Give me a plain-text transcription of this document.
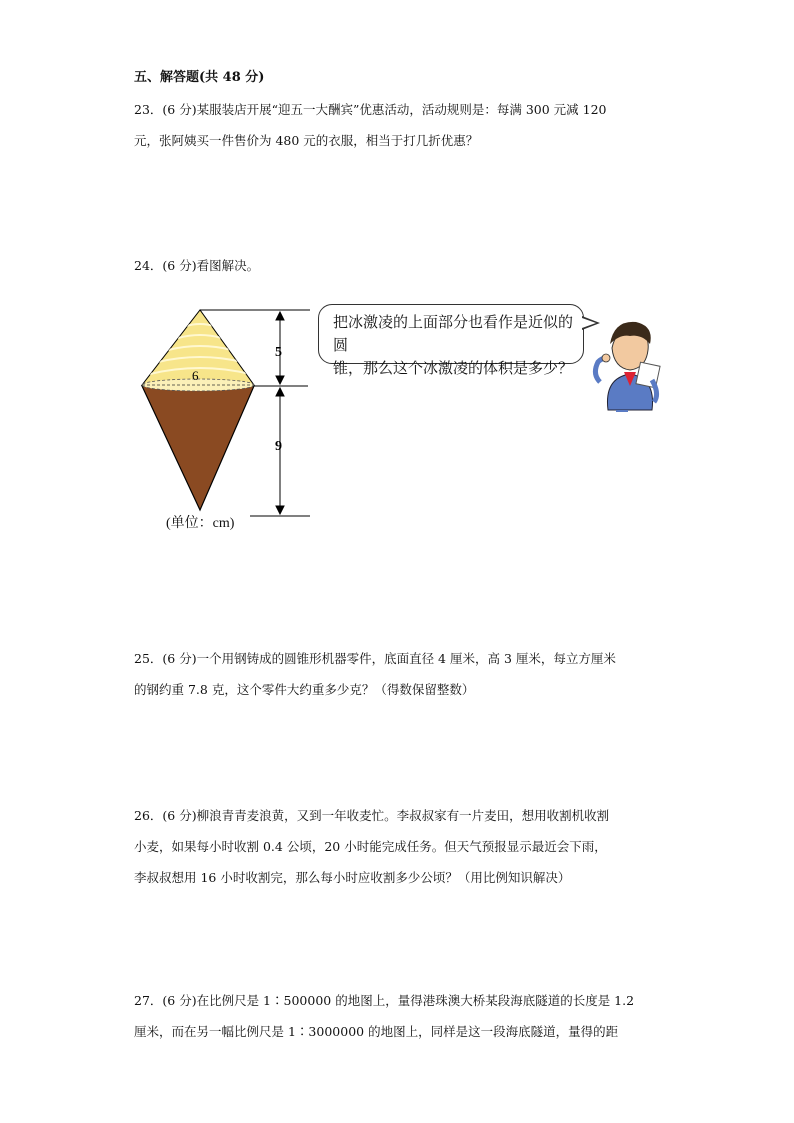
五、解答题(共 48 分)

23．(6 分)某服装店开展“迎五一大酬宾”优惠活动，活动规则是：每满 300 元减 120

元，张阿姨买一件售价为 480 元的衣服，相当于打几折优惠？

24．(6 分)看图解决。

6
5
9
把冰激凌的上面部分也看作是近似的圆
锥，那么这个冰激凌的体积是多少？
(单位：cm)

25．(6 分)一个用钢铸成的圆锥形机器零件，底面直径 4 厘米，高 3 厘米，每立方厘米

的钢约重 7.8 克，这个零件大约重多少克？（得数保留整数）

26．(6 分)柳浪青青麦浪黄，又到一年收麦忙。李叔叔家有一片麦田，想用收割机收割

小麦，如果每小时收割 0.4 公顷，20 小时能完成任务。但天气预报显示最近会下雨，

李叔叔想用 16 小时收割完，那么每小时应收割多少公顷？（用比例知识解决）

27．(6 分)在比例尺是 1∶500000 的地图上，量得港珠澳大桥某段海底隧道的长度是 1.2

厘米，而在另一幅比例尺是 1∶3000000 的地图上，同样是这一段海底隧道，量得的距
